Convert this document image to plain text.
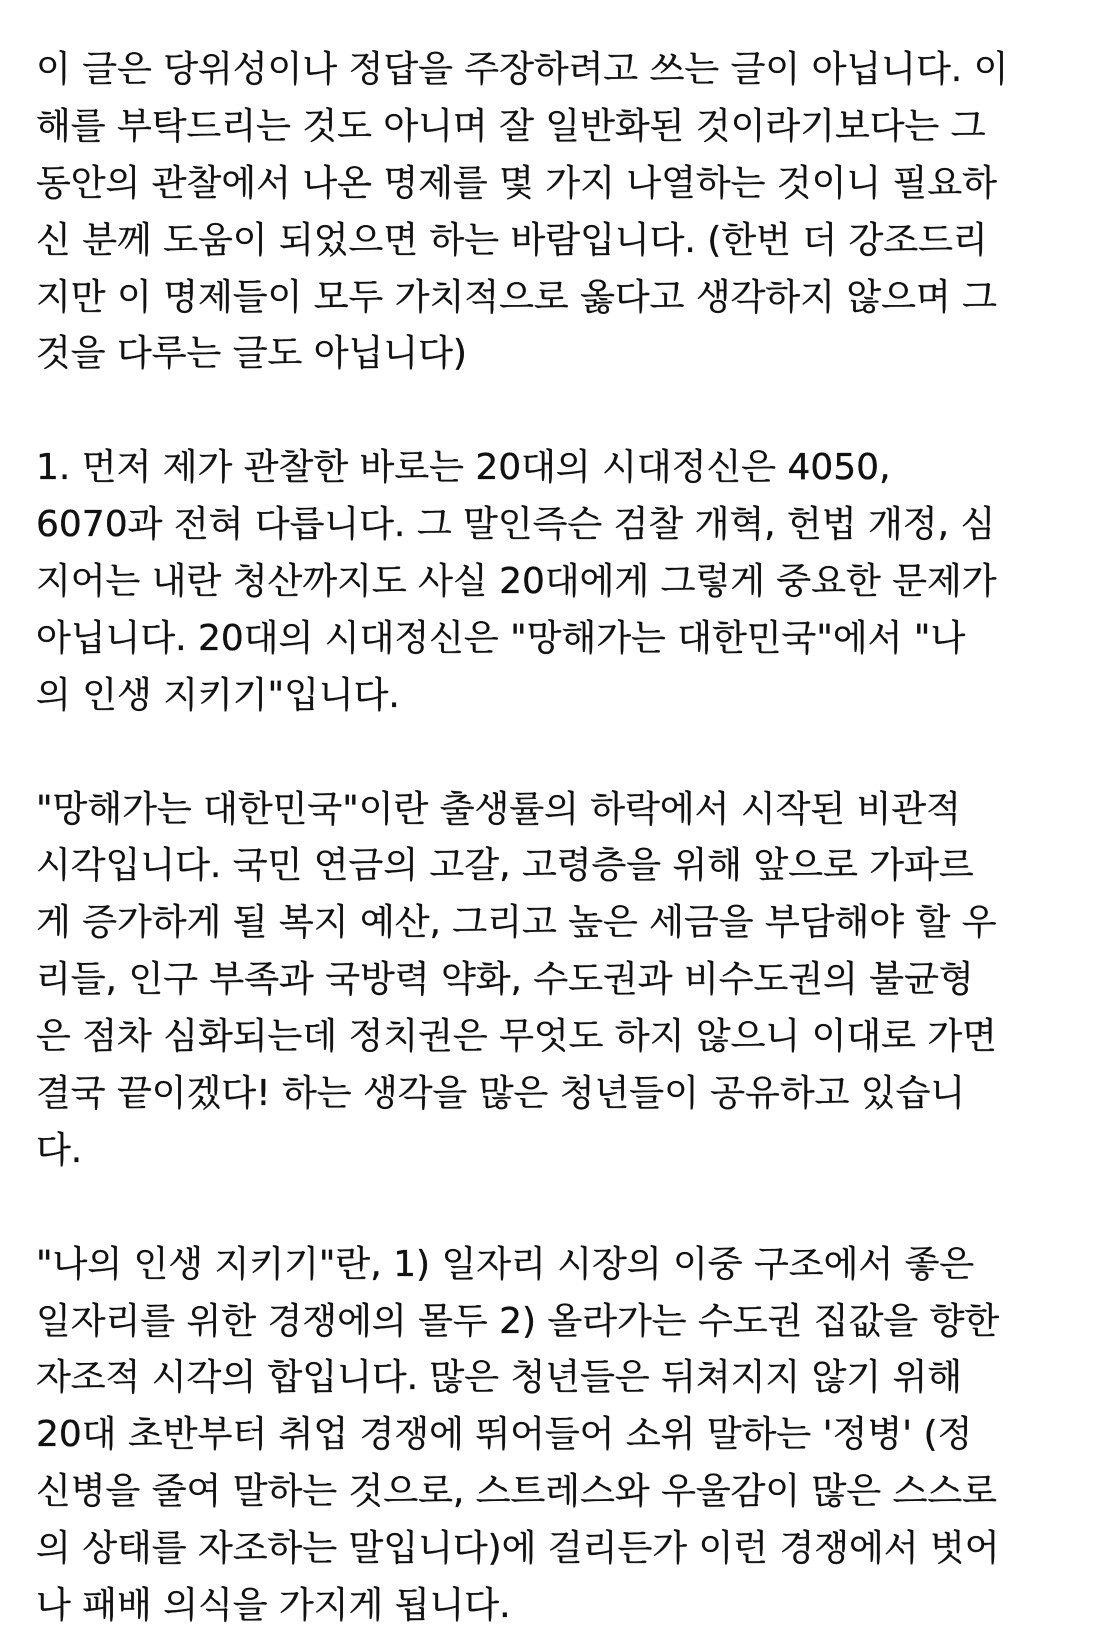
이 글은 당위성이나 정답을 주장하려고 쓰는 글이 아닙니다. 이
해를 부탁드리는 것도 아니며 잘 일반화된 것이라기보다는 그
동안의 관찰에서 나온 명제를 몇 가지 나열하는 것이니 필요하
신 분께 도움이 되었으면 하는 바람입니다. (한번 더 강조드리
지만 이 명제들이 모두 가치적으로 옳다고 생각하지 않으며 그
것을 다루는 글도 아닙니다)
1. 먼저 제가 관찰한 바로는 20대의 시대정신은 4050,
6070과 전혀 다릅니다. 그 말인즉슨 검찰 개혁, 헌법 개정, 심
지어는 내란 청산까지도 사실 20대에게 그렇게 중요한 문제가
아닙니다. 20대의 시대정신은 "망해가는 대한민국"에서 "나
의 인생 지키기"입니다.
"망해가는 대한민국"이란 출생률의 하락에서 시작된 비관적
시각입니다. 국민 연금의 고갈, 고령층을 위해 앞으로 가파르
게 증가하게 될 복지 예산, 그리고 높은 세금을 부담해야 할 우
리들, 인구 부족과 국방력 약화, 수도권과 비수도권의 불균형
은 점차 심화되는데 정치권은 무엇도 하지 않으니 이대로 가면
결국 끝이겠다! 하는 생각을 많은 청년들이 공유하고 있습니
다.
"나의 인생 지키기"란, 1) 일자리 시장의 이중 구조에서 좋은
일자리를 위한 경쟁에의 몰두 2) 올라가는 수도권 집값을 향한
자조적 시각의 합입니다. 많은 청년들은 뒤쳐지지 않기 위해
20대 초반부터 취업 경쟁에 뛰어들어 소위 말하는 '정병' (정
신병을 줄여 말하는 것으로, 스트레스와 우울감이 많은 스스로
의 상태를 자조하는 말입니다)에 걸리든가 이런 경쟁에서 벗어
나 패배 의식을 가지게 됩니다.
